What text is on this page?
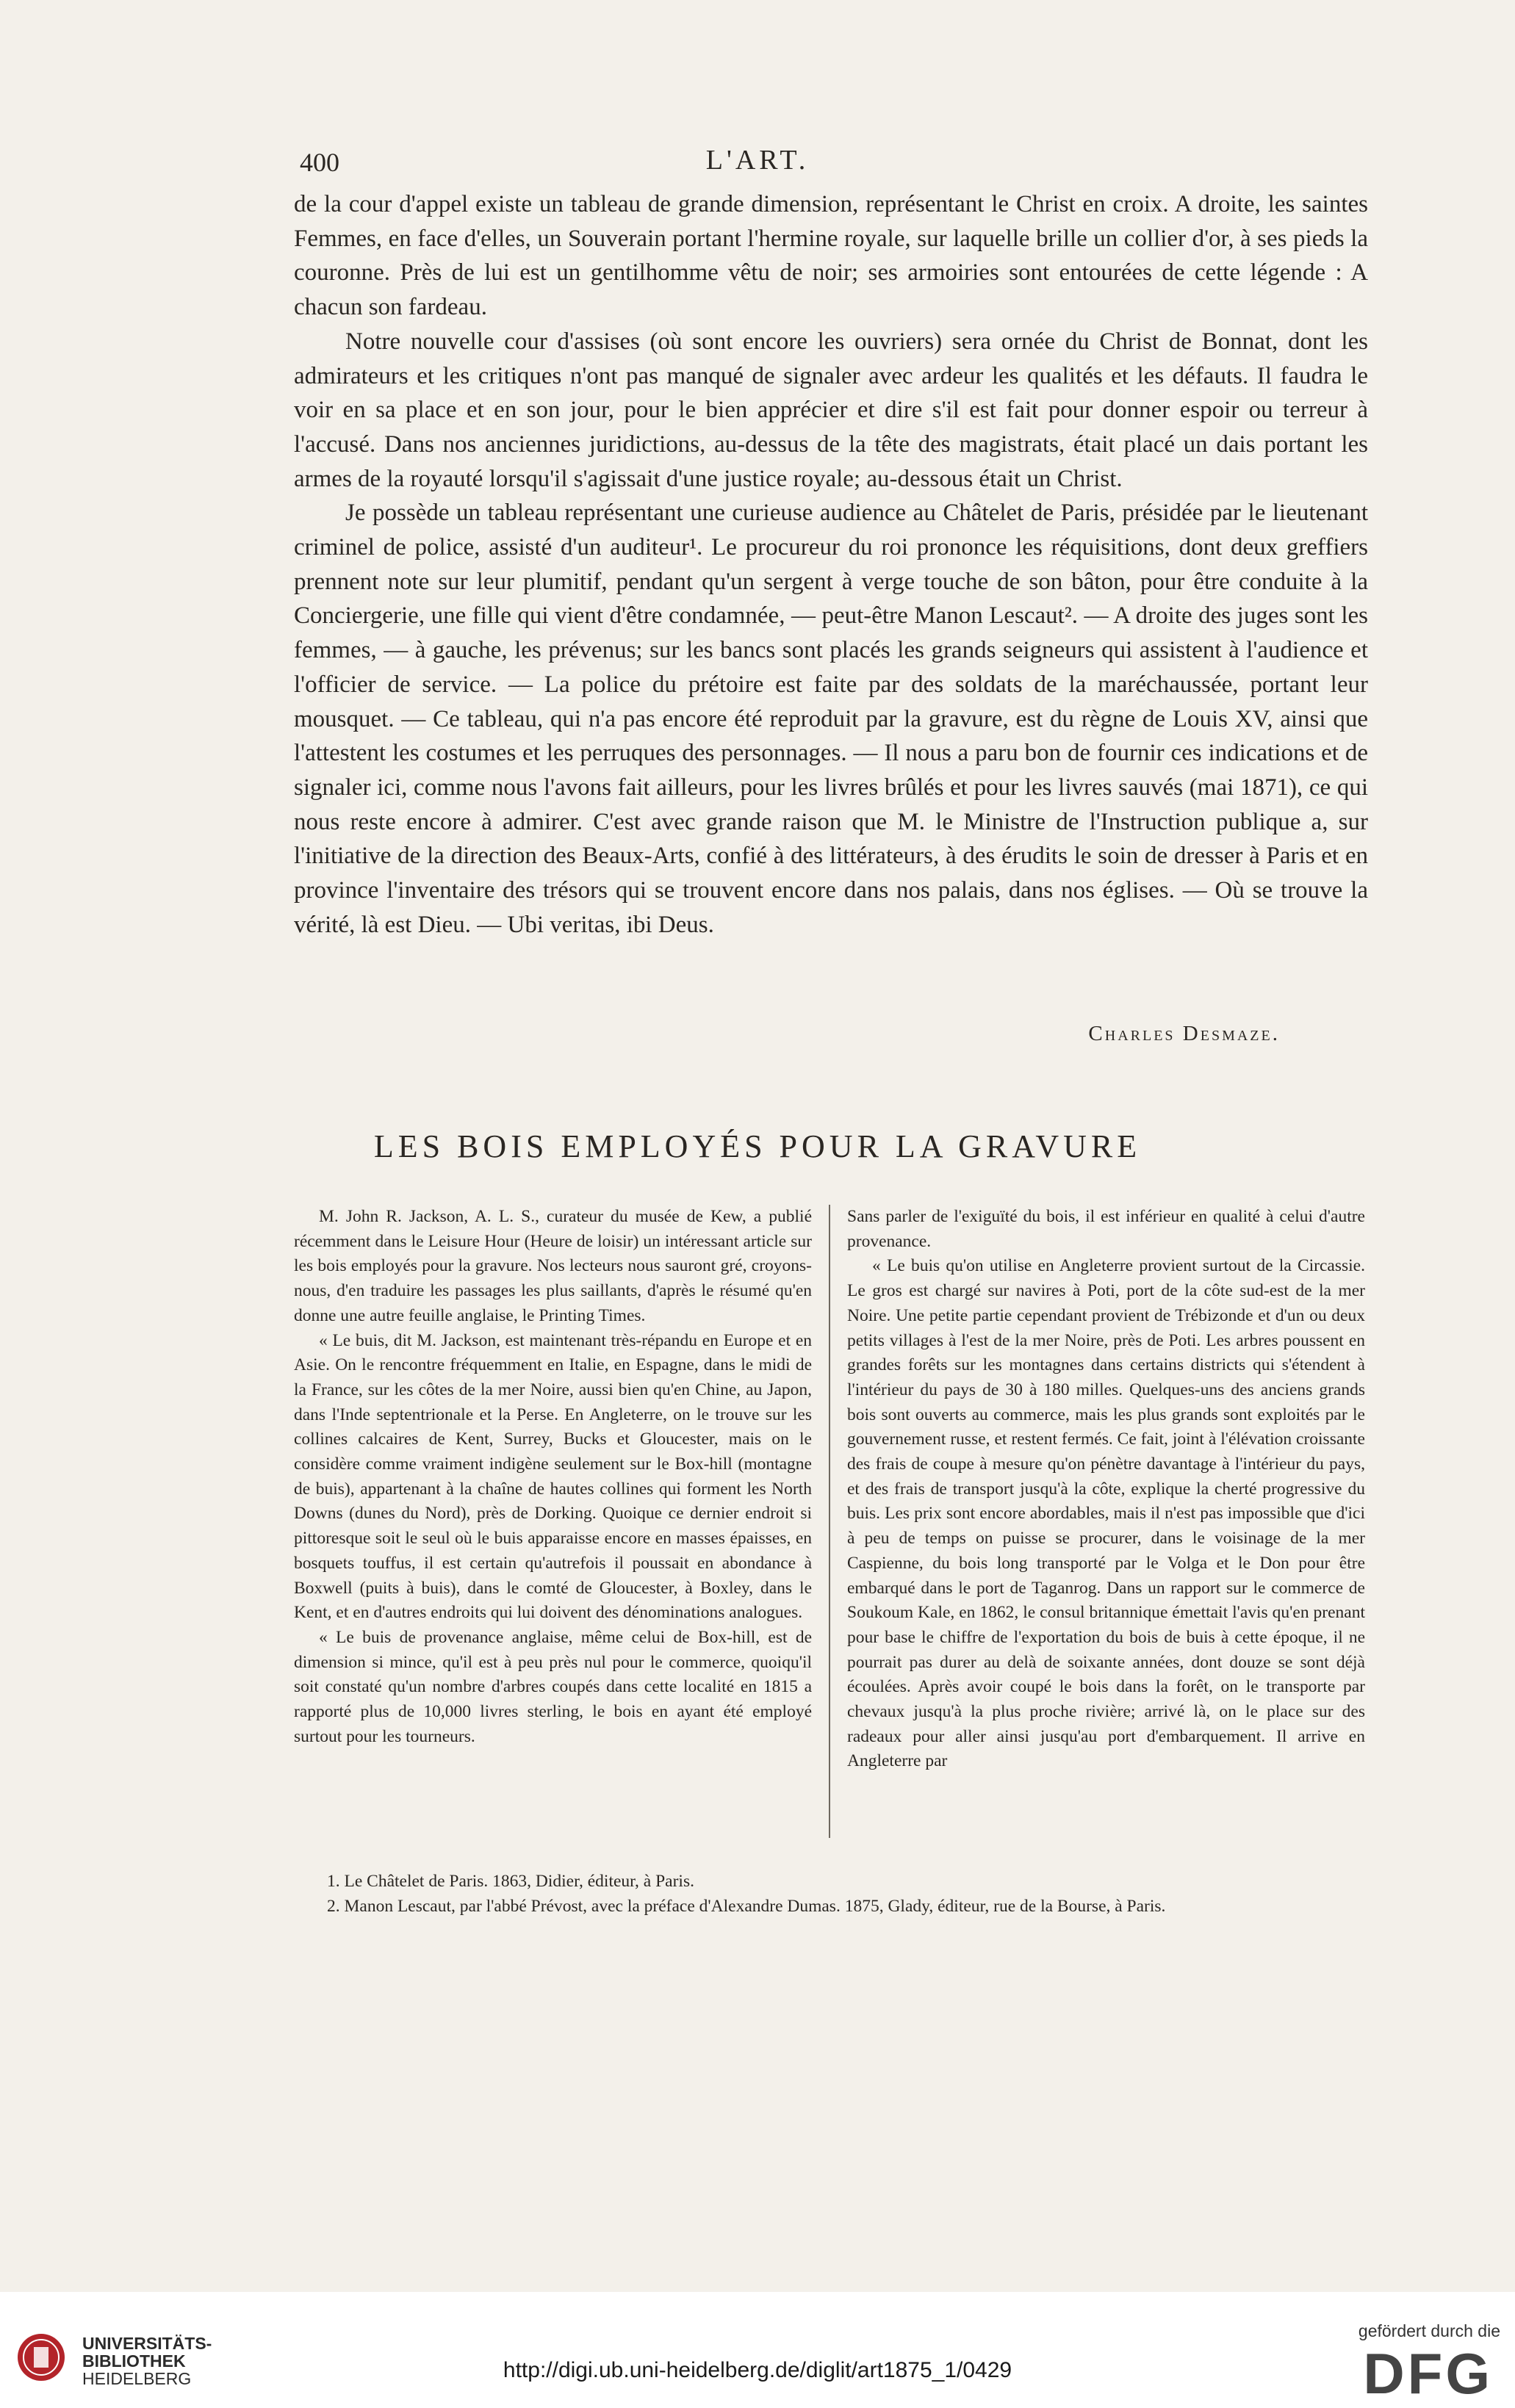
400	L'ART.

de la cour d'appel existe un tableau de grande dimension, représentant le Christ en croix. A droite, les saintes Femmes, en face d'elles, un Souverain portant l'hermine royale, sur laquelle brille un collier d'or, à ses pieds la couronne. Près de lui est un gentilhomme vêtu de noir; ses armoiries sont entourées de cette légende : A chacun son fardeau.

Notre nouvelle cour d'assises (où sont encore les ouvriers) sera ornée du Christ de Bonnat, dont les admirateurs et les critiques n'ont pas manqué de signaler avec ardeur les qualités et les défauts. Il faudra le voir en sa place et en son jour, pour le bien apprécier et dire s'il est fait pour donner espoir ou terreur à l'accusé. Dans nos anciennes juridictions, au-dessus de la tête des magistrats, était placé un dais portant les armes de la royauté lorsqu'il s'agissait d'une justice royale; au-dessous était un Christ.

Je possède un tableau représentant une curieuse audience au Châtelet de Paris, présidée par le lieutenant criminel de police, assisté d'un auditeur¹. Le procureur du roi prononce les réquisitions, dont deux greffiers prennent note sur leur plumitif, pendant qu'un sergent à verge touche de son bâton, pour être conduite à la Conciergerie, une fille qui vient d'être condamnée, — peut-être Manon Lescaut². — A droite des juges sont les femmes, — à gauche, les prévenus; sur les bancs sont placés les grands seigneurs qui assistent à l'audience et l'officier de service. — La police du prétoire est faite par des soldats de la maréchaussée, portant leur mousquet. — Ce tableau, qui n'a pas encore été reproduit par la gravure, est du règne de Louis XV, ainsi que l'attestent les costumes et les perruques des personnages. — Il nous a paru bon de fournir ces indications et de signaler ici, comme nous l'avons fait ailleurs, pour les livres brûlés et pour les livres sauvés (mai 1871), ce qui nous reste encore à admirer. C'est avec grande raison que M. le Ministre de l'Instruction publique a, sur l'initiative de la direction des Beaux-Arts, confié à des littérateurs, à des érudits le soin de dresser à Paris et en province l'inventaire des trésors qui se trouvent encore dans nos palais, dans nos églises. — Où se trouve la vérité, là est Dieu. — Ubi veritas, ibi Deus.

Charles Desmaze.
LES BOIS EMPLOYÉS POUR LA GRAVURE

M. John R. Jackson, A. L. S., curateur du musée de Kew, a publié récemment dans le Leisure Hour (Heure de loisir) un intéressant article sur les bois employés pour la gravure. Nos lecteurs nous sauront gré, croyons-nous, d'en traduire les passages les plus saillants, d'après le résumé qu'en donne une autre feuille anglaise, le Printing Times.

« Le buis, dit M. Jackson, est maintenant très-répandu en Europe et en Asie. On le rencontre fréquemment en Italie, en Espagne, dans le midi de la France, sur les côtes de la mer Noire, aussi bien qu'en Chine, au Japon, dans l'Inde septentrionale et la Perse. En Angleterre, on le trouve sur les collines calcaires de Kent, Surrey, Bucks et Gloucester, mais on le considère comme vraiment indigène seulement sur le Box-hill (montagne de buis), appartenant à la chaîne de hautes collines qui forment les North Downs (dunes du Nord), près de Dorking. Quoique ce dernier endroit si pittoresque soit le seul où le buis apparaisse encore en masses épaisses, en bosquets touffus, il est certain qu'autrefois il poussait en abondance à Boxwell (puits à buis), dans le comté de Gloucester, à Boxley, dans le Kent, et en d'autres endroits qui lui doivent des dénominations analogues.

« Le buis de provenance anglaise, même celui de Box-hill, est de dimension si mince, qu'il est à peu près nul pour le commerce, quoiqu'il soit constaté qu'un nombre d'arbres coupés dans cette localité en 1815 a rapporté plus de 10,000 livres sterling, le bois en ayant été employé surtout pour les tourneurs.

Sans parler de l'exiguïté du bois, il est inférieur en qualité à celui d'autre provenance.

« Le buis qu'on utilise en Angleterre provient surtout de la Circassie. Le gros est chargé sur navires à Poti, port de la côte sud-est de la mer Noire. Une petite partie cependant provient de Trébizonde et d'un ou deux petits villages à l'est de la mer Noire, près de Poti. Les arbres poussent en grandes forêts sur les montagnes dans certains districts qui s'étendent à l'intérieur du pays de 30 à 180 milles. Quelques-uns des anciens grands bois sont ouverts au commerce, mais les plus grands sont exploités par le gouvernement russe, et restent fermés. Ce fait, joint à l'élévation croissante des frais de coupe à mesure qu'on pénètre davantage à l'intérieur du pays, et des frais de transport jusqu'à la côte, explique la cherté progressive du buis. Les prix sont encore abordables, mais il n'est pas impossible que d'ici à peu de temps on puisse se procurer, dans le voisinage de la mer Caspienne, du bois long transporté par le Volga et le Don pour être embarqué dans le port de Taganrog. Dans un rapport sur le commerce de Soukoum Kale, en 1862, le consul britannique émettait l'avis qu'en prenant pour base le chiffre de l'exportation du bois de buis à cette époque, il ne pourrait pas durer au delà de soixante années, dont douze se sont déjà écoulées. Après avoir coupé le bois dans la forêt, on le transporte par chevaux jusqu'à la plus proche rivière; arrivé là, on le place sur des radeaux pour aller ainsi jusqu'au port d'embarquement. Il arrive en Angleterre par

1. Le Châtelet de Paris. 1863, Didier, éditeur, à Paris.

2. Manon Lescaut, par l'abbé Prévost, avec la préface d'Alexandre Dumas. 1875, Glady, éditeur, rue de la Bourse, à Paris.

UNIVERSITÄTS-
BIBLIOTHEK
HEIDELBERG	http://digi.ub.uni-heidelberg.de/diglit/art1875_1/0429
gefördert durch die
DFG
